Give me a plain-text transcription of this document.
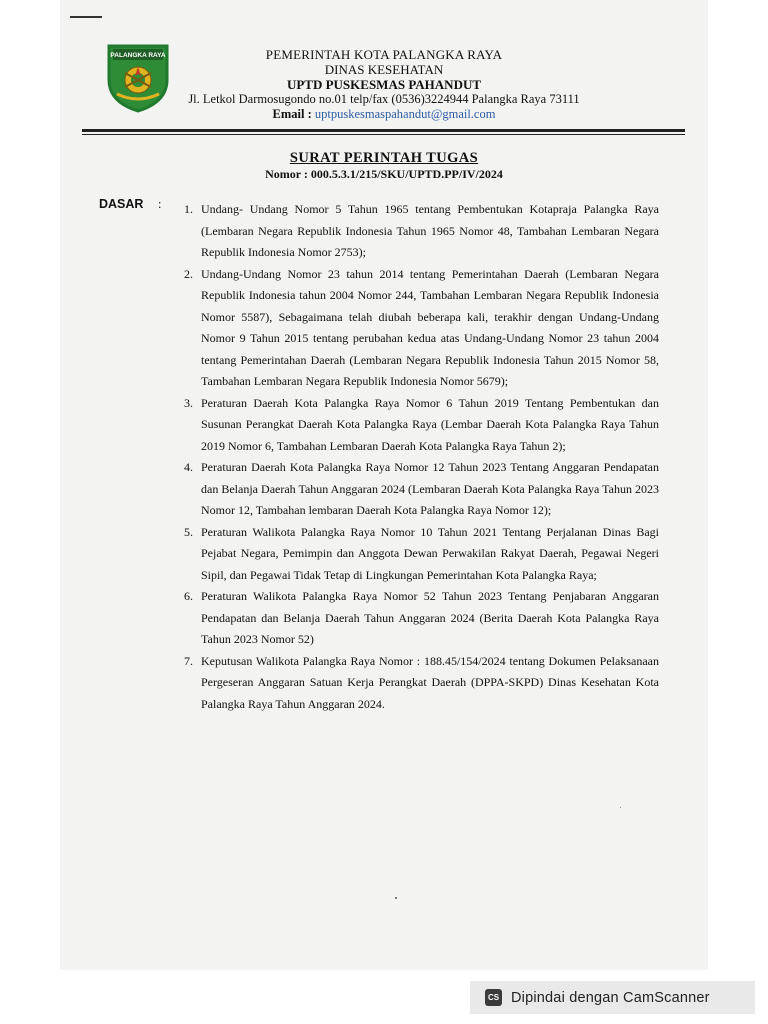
PALANGKA RAYA	PEMERINTAH KOTA PALANGKA RAYA
DINAS KESEHATAN
UPTD PUSKESMAS PAHANDUT
Jl. Letkol Darmosugondo no.01 telp/fax (0536)3224944 Palangka Raya 73111
Email : uptpuskesmaspahandut@gmail.com
SURAT PERINTAH TUGAS
Nomor : 000.5.3.1/215/SKU/UPTD.PP/IV/2024
DASAR : 1. Undang- Undang Nomor 5 Tahun 1965 tentang Pembentukan Kotapraja Palangka Raya (Lembaran Negara Republik Indonesia Tahun 1965 Nomor 48, Tambahan Lembaran Negara Republik Indonesia Nomor 2753);
2. Undang-Undang Nomor 23 tahun 2014 tentang Pemerintahan Daerah (Lembaran Negara Republik Indonesia tahun 2004 Nomor 244, Tambahan Lembaran Negara Republik Indonesia Nomor 5587), Sebagaimana telah diubah beberapa kali, terakhir dengan Undang-Undang Nomor 9 Tahun 2015 tentang perubahan kedua atas Undang-Undang Nomor 23 tahun 2004 tentang Pemerintahan Daerah (Lembaran Negara Republik Indonesia Tahun 2015 Nomor 58, Tambahan Lembaran Negara Republik Indonesia Nomor 5679);
3. Peraturan Daerah Kota Palangka Raya Nomor 6 Tahun 2019 Tentang Pembentukan dan Susunan Perangkat Daerah Kota Palangka Raya (Lembar Daerah Kota Palangka Raya Tahun 2019 Nomor 6, Tambahan Lembaran Daerah Kota Palangka Raya Tahun 2);
4. Peraturan Daerah Kota Palangka Raya Nomor 12 Tahun 2023 Tentang Anggaran Pendapatan dan Belanja Daerah Tahun Anggaran 2024 (Lembaran Daerah Kota Palangka Raya Tahun 2023 Nomor 12, Tambahan lembaran Daerah Kota Palangka Raya Nomor 12);
5. Peraturan Walikota Palangka Raya Nomor 10 Tahun 2021 Tentang Perjalanan Dinas Bagi Pejabat Negara, Pemimpin dan Anggota Dewan Perwakilan Rakyat Daerah, Pegawai Negeri Sipil, dan Pegawai Tidak Tetap di Lingkungan Pemerintahan Kota Palangka Raya;
6. Peraturan Walikota Palangka Raya Nomor 52 Tahun 2023 Tentang Penjabaran Anggaran Pendapatan dan Belanja Daerah Tahun Anggaran 2024 (Berita Daerah Kota Palangka Raya Tahun 2023 Nomor 52)
7. Keputusan Walikota Palangka Raya Nomor : 188.45/154/2024 tentang Dokumen Pelaksanaan Pergeseran Anggaran Satuan Kerja Perangkat Daerah (DPPA-SKPD) Dinas Kesehatan Kota Palangka Raya Tahun Anggaran 2024.
CS Dipindai dengan CamScanner
